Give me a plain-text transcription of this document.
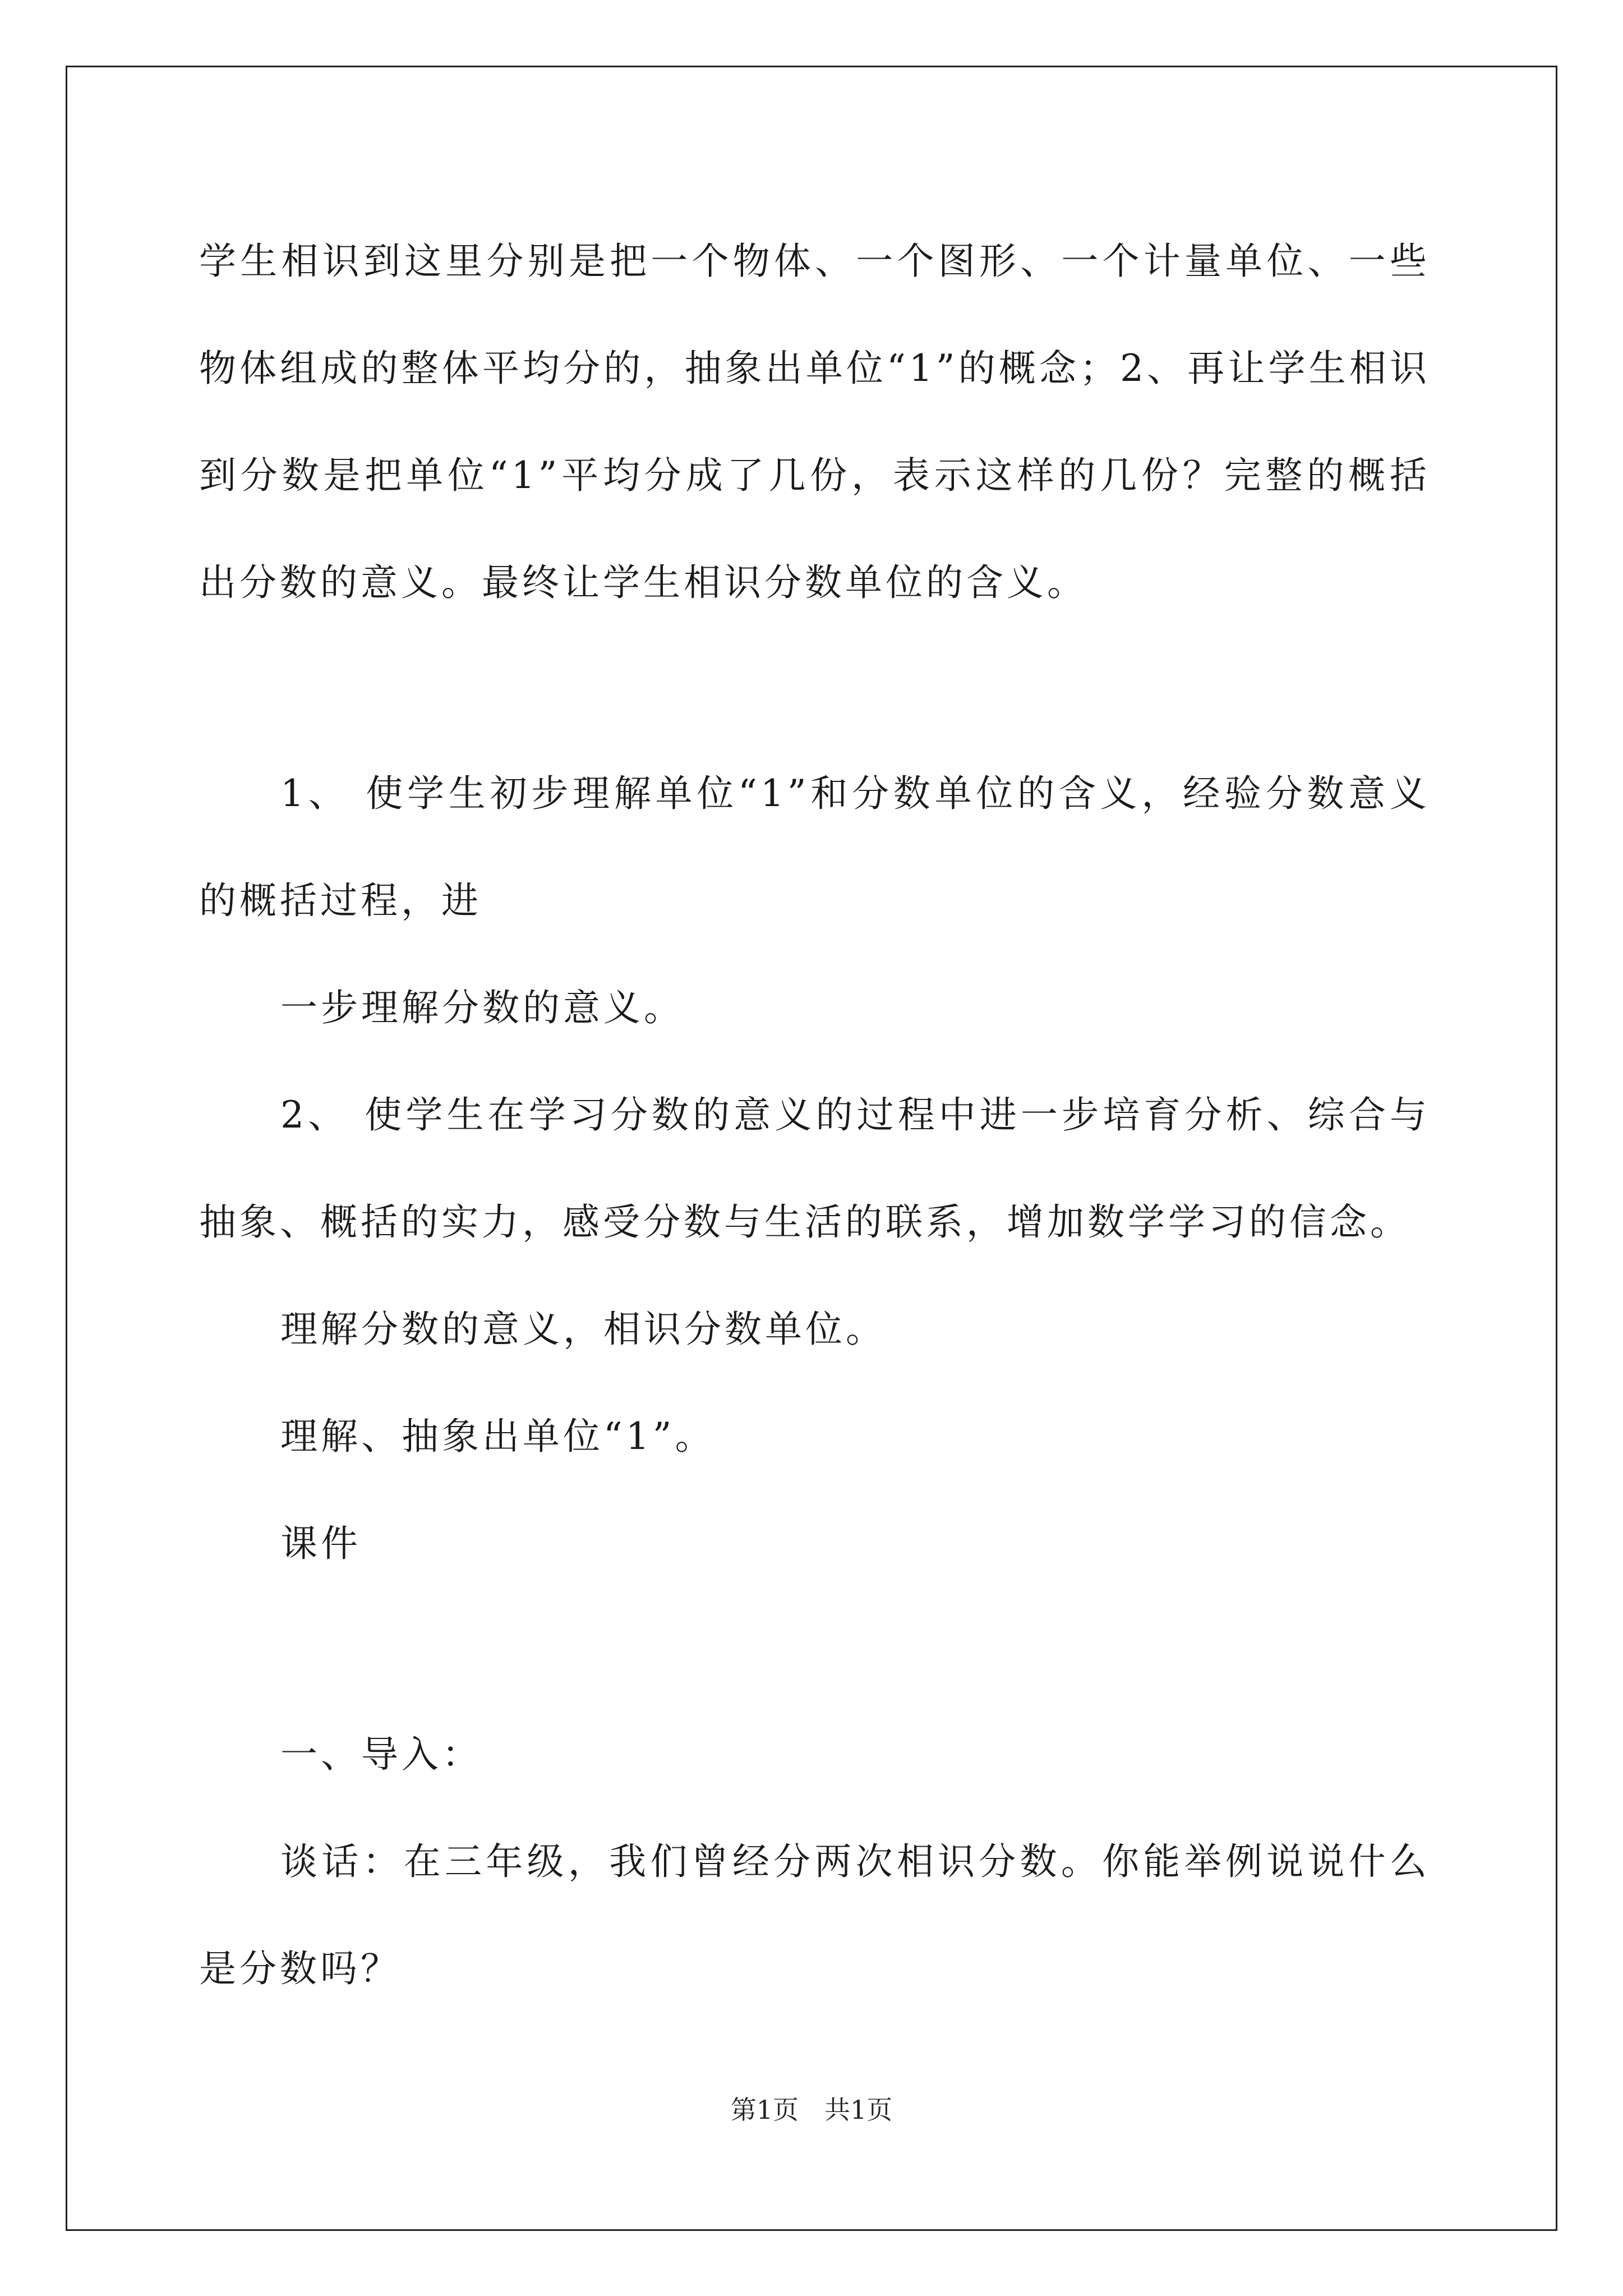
学生相识到这里分别是把一个物体、一个图形、一个计量单位、一些物体组成的整体平均分的，抽象出单位“1”的概念；2、再让学生相识到分数是把单位“1”平均分成了几份，表示这样的几份？完整的概括出分数的意义。最终让学生相识分数单位的含义。

1、 使学生初步理解单位“1”和分数单位的含义，经验分数意义的概括过程，进

一步理解分数的意义。

2、 使学生在学习分数的意义的过程中进一步培育分析、综合与抽象、概括的实力，感受分数与生活的联系，增加数学学习的信念。

理解分数的意义，相识分数单位。

理解、抽象出单位“1”。

课件

一、导入：

谈话：在三年级，我们曾经分两次相识分数。你能举例说说什么是分数吗？

第1页　共1页
